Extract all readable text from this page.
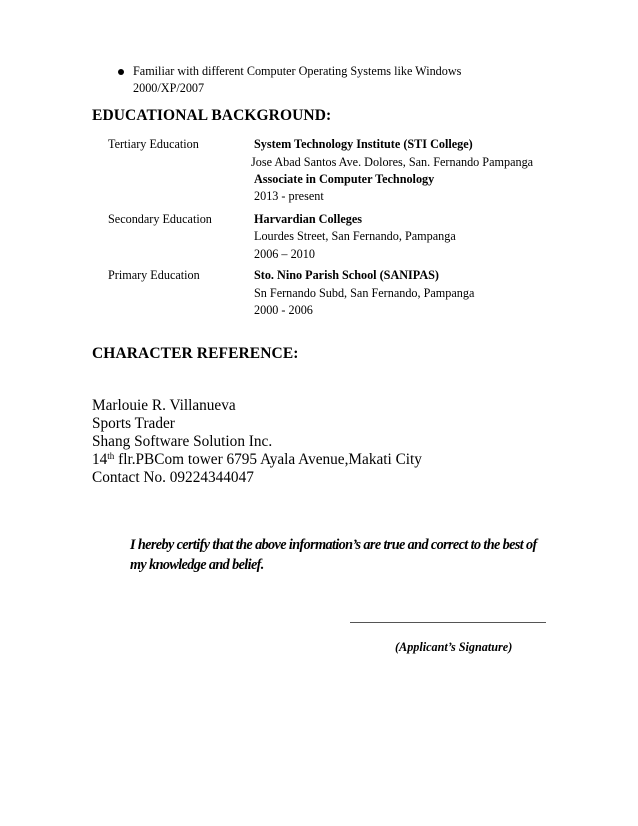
Familiar with different Computer Operating Systems like Windows 2000/XP/2007
EDUCATIONAL BACKGROUND:
Tertiary Education	System Technology Institute (STI College)
Jose Abad Santos Ave. Dolores, San. Fernando Pampanga
Associate in Computer Technology
2013 - present
Secondary Education	Harvardian Colleges
Lourdes Street, San Fernando, Pampanga
2006 – 2010
Primary Education	Sto. Nino Parish School (SANIPAS)
Sn Fernando Subd, San Fernando, Pampanga
2000 - 2006
CHARACTER REFERENCE:
Marlouie R. Villanueva
Sports Trader
Shang Software Solution Inc.
14th flr.PBCom tower 6795 Ayala Avenue,Makati City
Contact No. 09224344047
I hereby certify that the above information’s are true and correct to the best of my knowledge and belief.
(Applicant’s Signature)
